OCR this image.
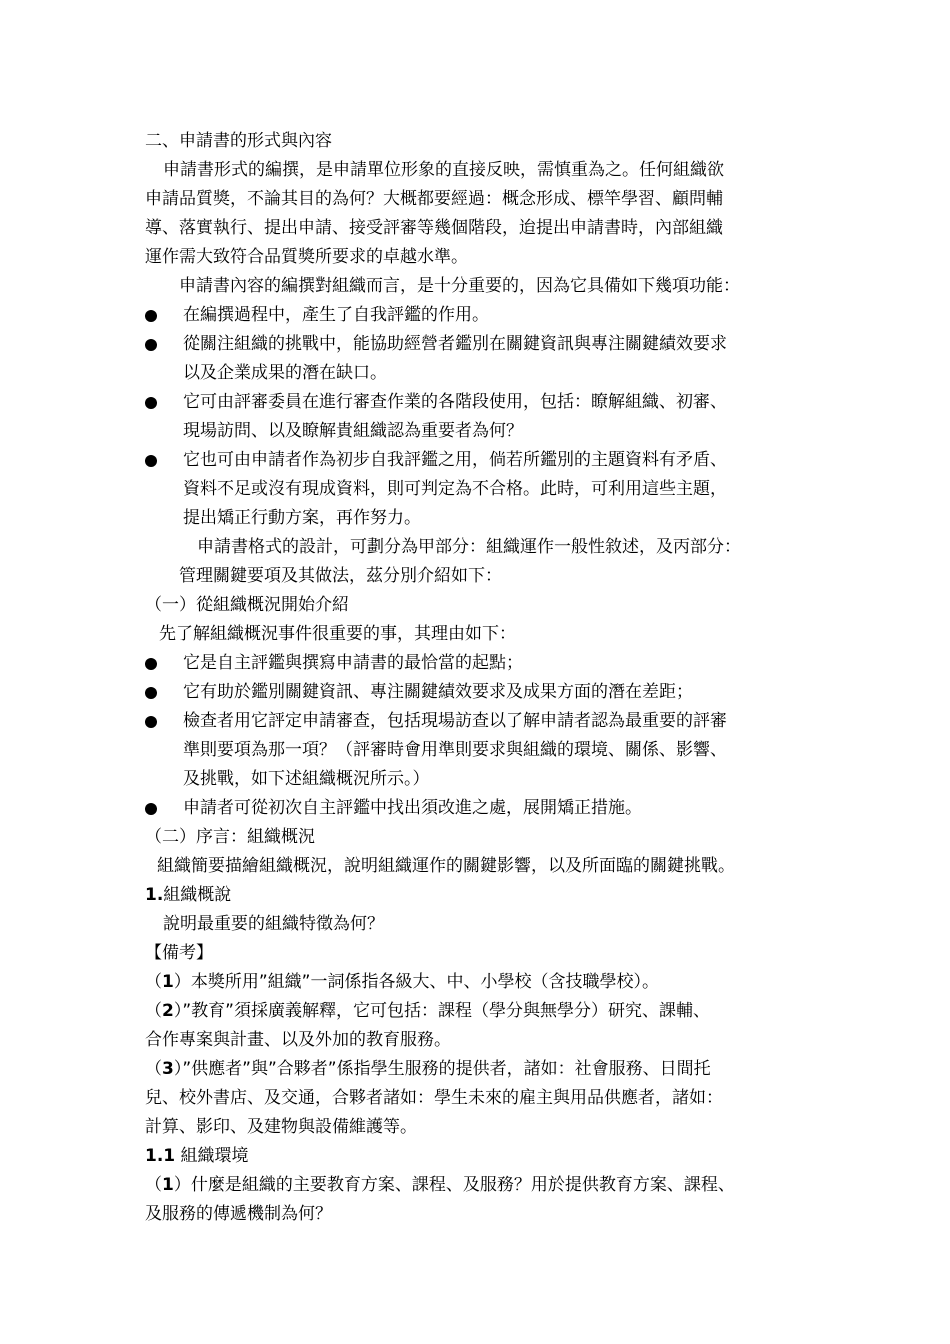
二、申請書的形式與內容
申請書形式的編撰，是申請單位形象的直接反映，需慎重為之。任何組織欲
申請品質獎，不論其目的為何？大概都要經過：概念形成、標竿學習、顧問輔
導、落實執行、提出申請、接受評審等幾個階段，迨提出申請書時，內部組織
運作需大致符合品質獎所要求的卓越水準。
申請書內容的編撰對組織而言，是十分重要的，因為它具備如下幾項功能：
在編撰過程中，產生了自我評鑑的作用。
從關注組織的挑戰中，能協助經營者鑑別在關鍵資訊與專注關鍵績效要求
以及企業成果的潛在缺口。
它可由評審委員在進行審查作業的各階段使用，包括：瞭解組織、初審、
現場訪問、以及瞭解貴組織認為重要者為何？
它也可由申請者作為初步自我評鑑之用，倘若所鑑別的主題資料有矛盾、
資料不足或沒有現成資料，則可判定為不合格。此時，可利用這些主題，
提出矯正行動方案，再作努力。
申請書格式的設計，可劃分為甲部分：組織運作一般性敘述，及丙部分：
管理關鍵要項及其做法，茲分別介紹如下：
（一）從組織概況開始介紹
先了解組織概況事件很重要的事，其理由如下：
它是自主評鑑與撰寫申請書的最恰當的起點；
它有助於鑑別關鍵資訊、專注關鍵績效要求及成果方面的潛在差距；
檢查者用它評定申請審查，包括現場訪查以了解申請者認為最重要的評審
準則要項為那一項？（評審時會用準則要求與組織的環境、關係、影響、
及挑戰，如下述組織概況所示。）
申請者可從初次自主評鑑中找出須改進之處，展開矯正措施。
（二）序言：組織概況
組織簡要描繪組織概況，說明組織運作的關鍵影響，以及所面臨的關鍵挑戰。
1.組織概說
說明最重要的組織特徵為何？
【備考】
（1）本獎所用”組織”一詞係指各級大、中、小學校（含技職學校）。
（2）”教育”須採廣義解釋，它可包括：課程（學分與無學分）研究、課輔、
合作專案與計畫、以及外加的教育服務。
（3）”供應者”與”合夥者”係指學生服務的提供者，諸如：社會服務、日間托
兒、校外書店、及交通，合夥者諸如：學生未來的雇主與用品供應者，諸如：
計算、影印、及建物與設備維護等。
1.1 組織環境
（1）什麼是組織的主要教育方案、課程、及服務？用於提供教育方案、課程、
及服務的傳遞機制為何？
